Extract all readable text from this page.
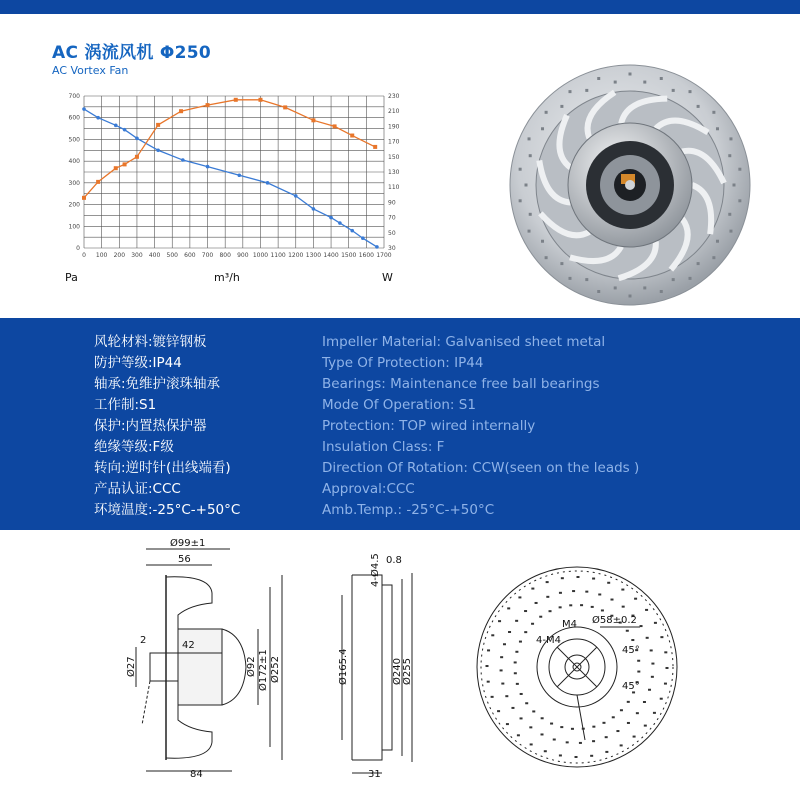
AC 涡流风机 Φ250
AC Vortex Fan
0
100
200
300
400
500
600
700
30
50
70
90
110
130
150
170
190
210
230
0 100 200 300 400 500 600 700 800 900 1000 1100 1200 1300 1400 1500 1600 1700
Pa	m³/h	W
风轮材料:镀锌钢板	Impeller Material: Galvanised sheet metal
防护等级:IP44	Type Of Protection: IP44
轴承:免维护滚珠轴承	Bearings: Maintenance free ball bearings
工作制:S1	Mode Of Operation: S1
保护:内置热保护器	Protection: TOP wired internally
绝缘等级:F级	Insulation Class: F
转向:逆时针(出线端看)	Direction Of Rotation: CCW(seen on the leads )
产品认证:CCC	Approval:CCC
环境温度:-25°C-+50°C	Amb.Temp.: -25°C-+50°C
Ø99±1
56
2	42
Ø27	Ø92 Ø172±1 Ø252
84
4-Ø4.5 0.8
Ø165.4	Ø240 Ø255
31
M4 Ø58±0.2
4-M4
45°
45°
